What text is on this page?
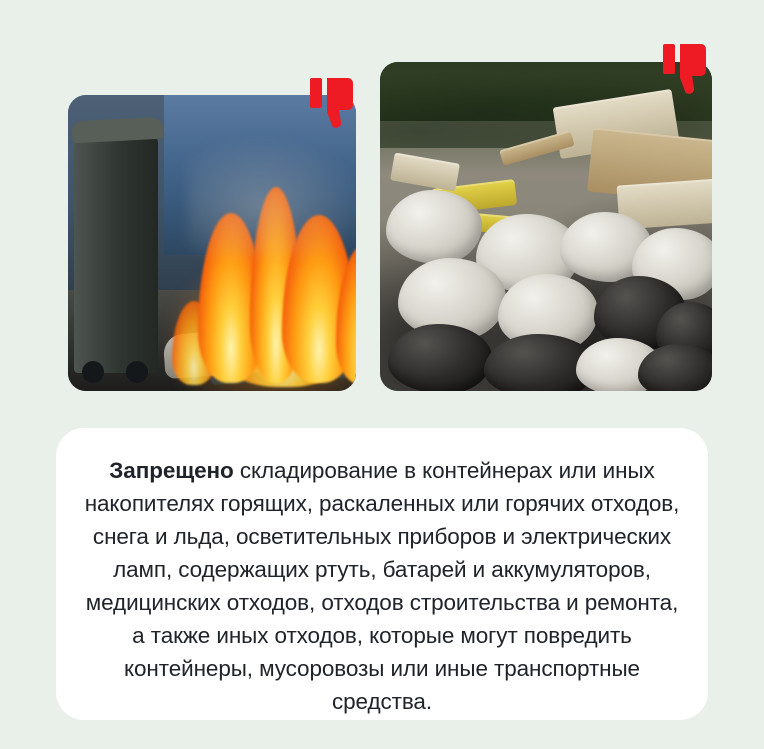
Запрещено складирование в контейнерах или иных накопителях горящих, раскаленных или горячих отходов, снега и льда, осветительных приборов и электрических ламп, содержащих ртуть, батарей и аккумуляторов, медицинских отходов, отходов строительства и ремонта, а также иных отходов, которые могут повредить контейнеры, мусоровозы или иные транспортные средства.
